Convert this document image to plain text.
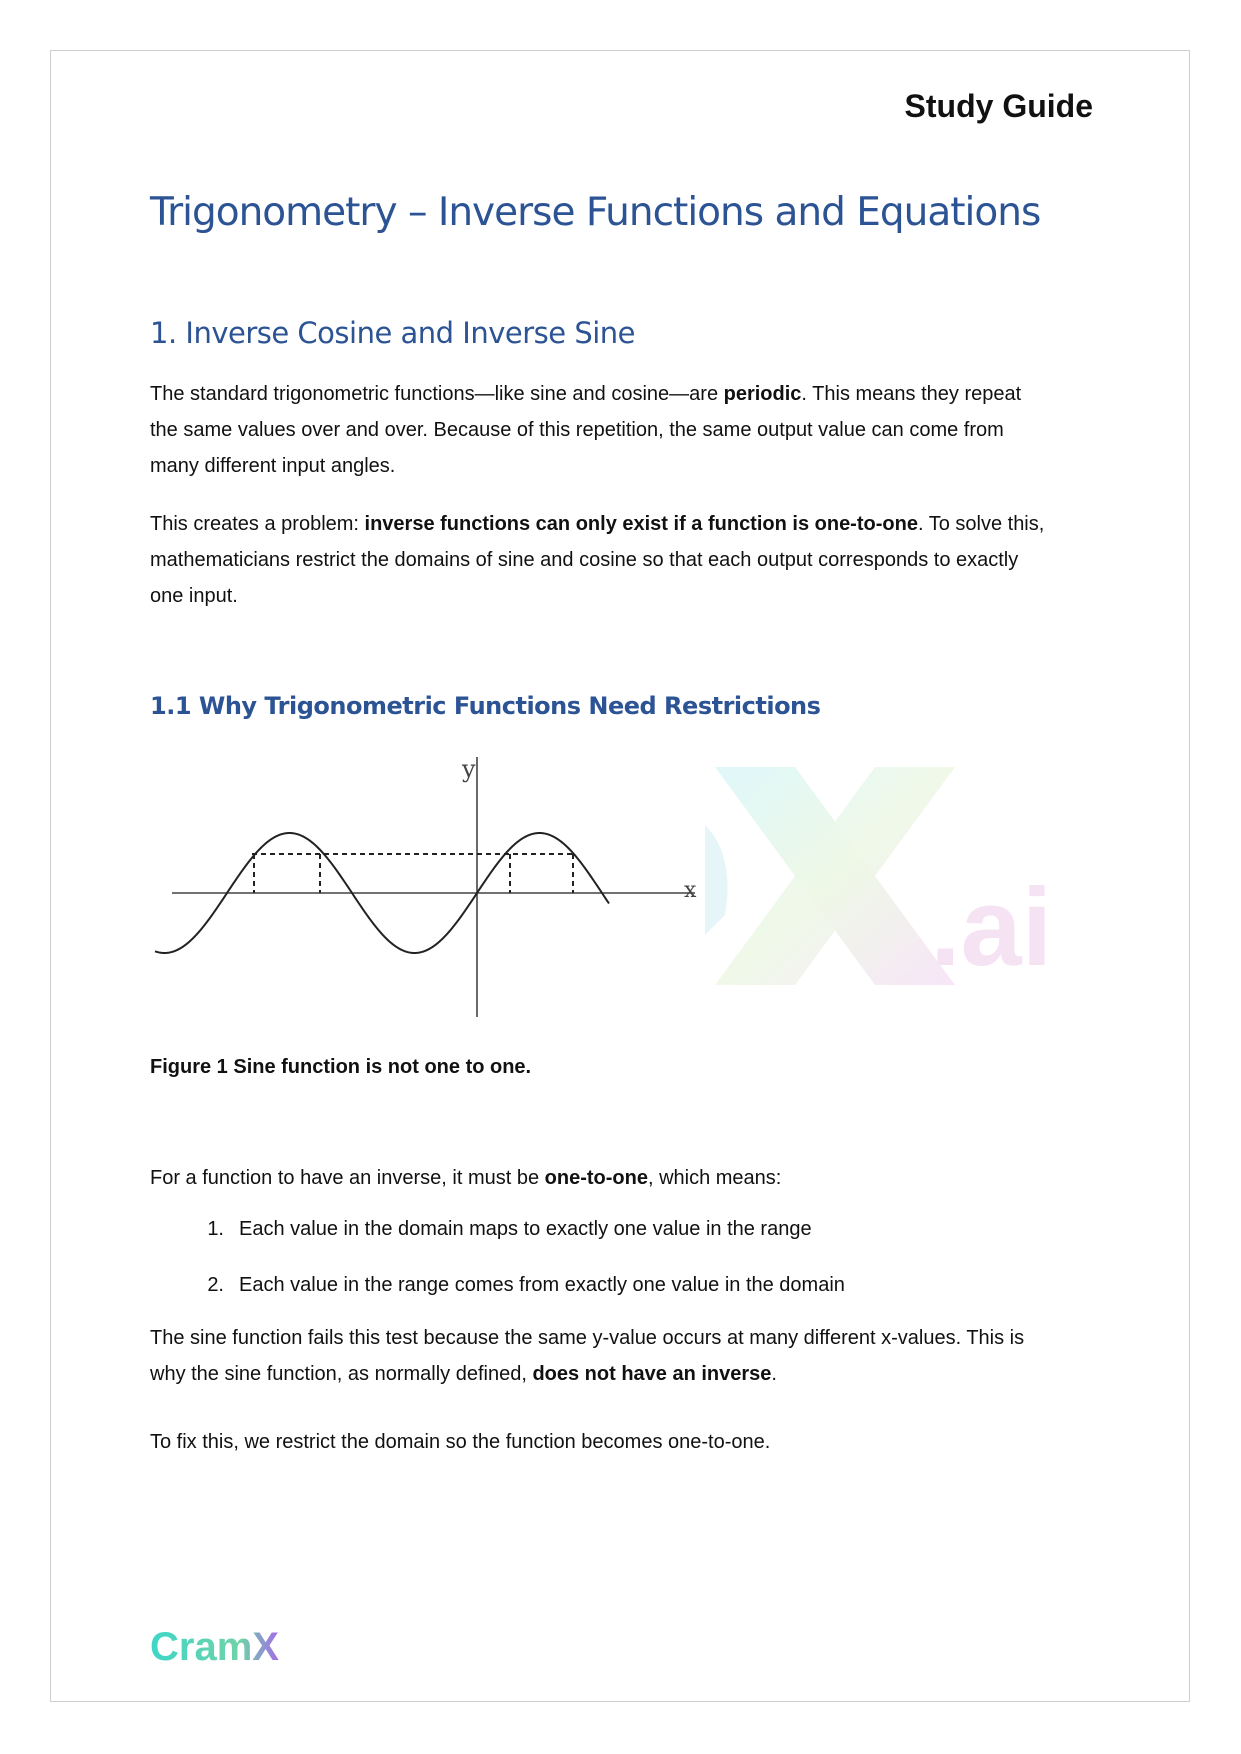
Study Guide
Trigonometry – Inverse Functions and Equations
1. Inverse Cosine and Inverse Sine
The standard trigonometric functions—like sine and cosine—are periodic. This means they repeat
the same values over and over. Because of this repetition, the same output value can come from
many different input angles.
This creates a problem: inverse functions can only exist if a function is one-to-one. To solve this,
mathematicians restrict the domains of sine and cosine so that each output corresponds to exactly
one input.
1.1 Why Trigonometric Functions Need Restrictions
y
x .ai
Figure 1 Sine function is not one to one.
For a function to have an inverse, it must be one-to-one, which means:
1. Each value in the domain maps to exactly one value in the range
2. Each value in the range comes from exactly one value in the domain
The sine function fails this test because the same y-value occurs at many different x-values. This is
why the sine function, as normally defined, does not have an inverse.
To fix this, we restrict the domain so the function becomes one-to-one.
CramX
